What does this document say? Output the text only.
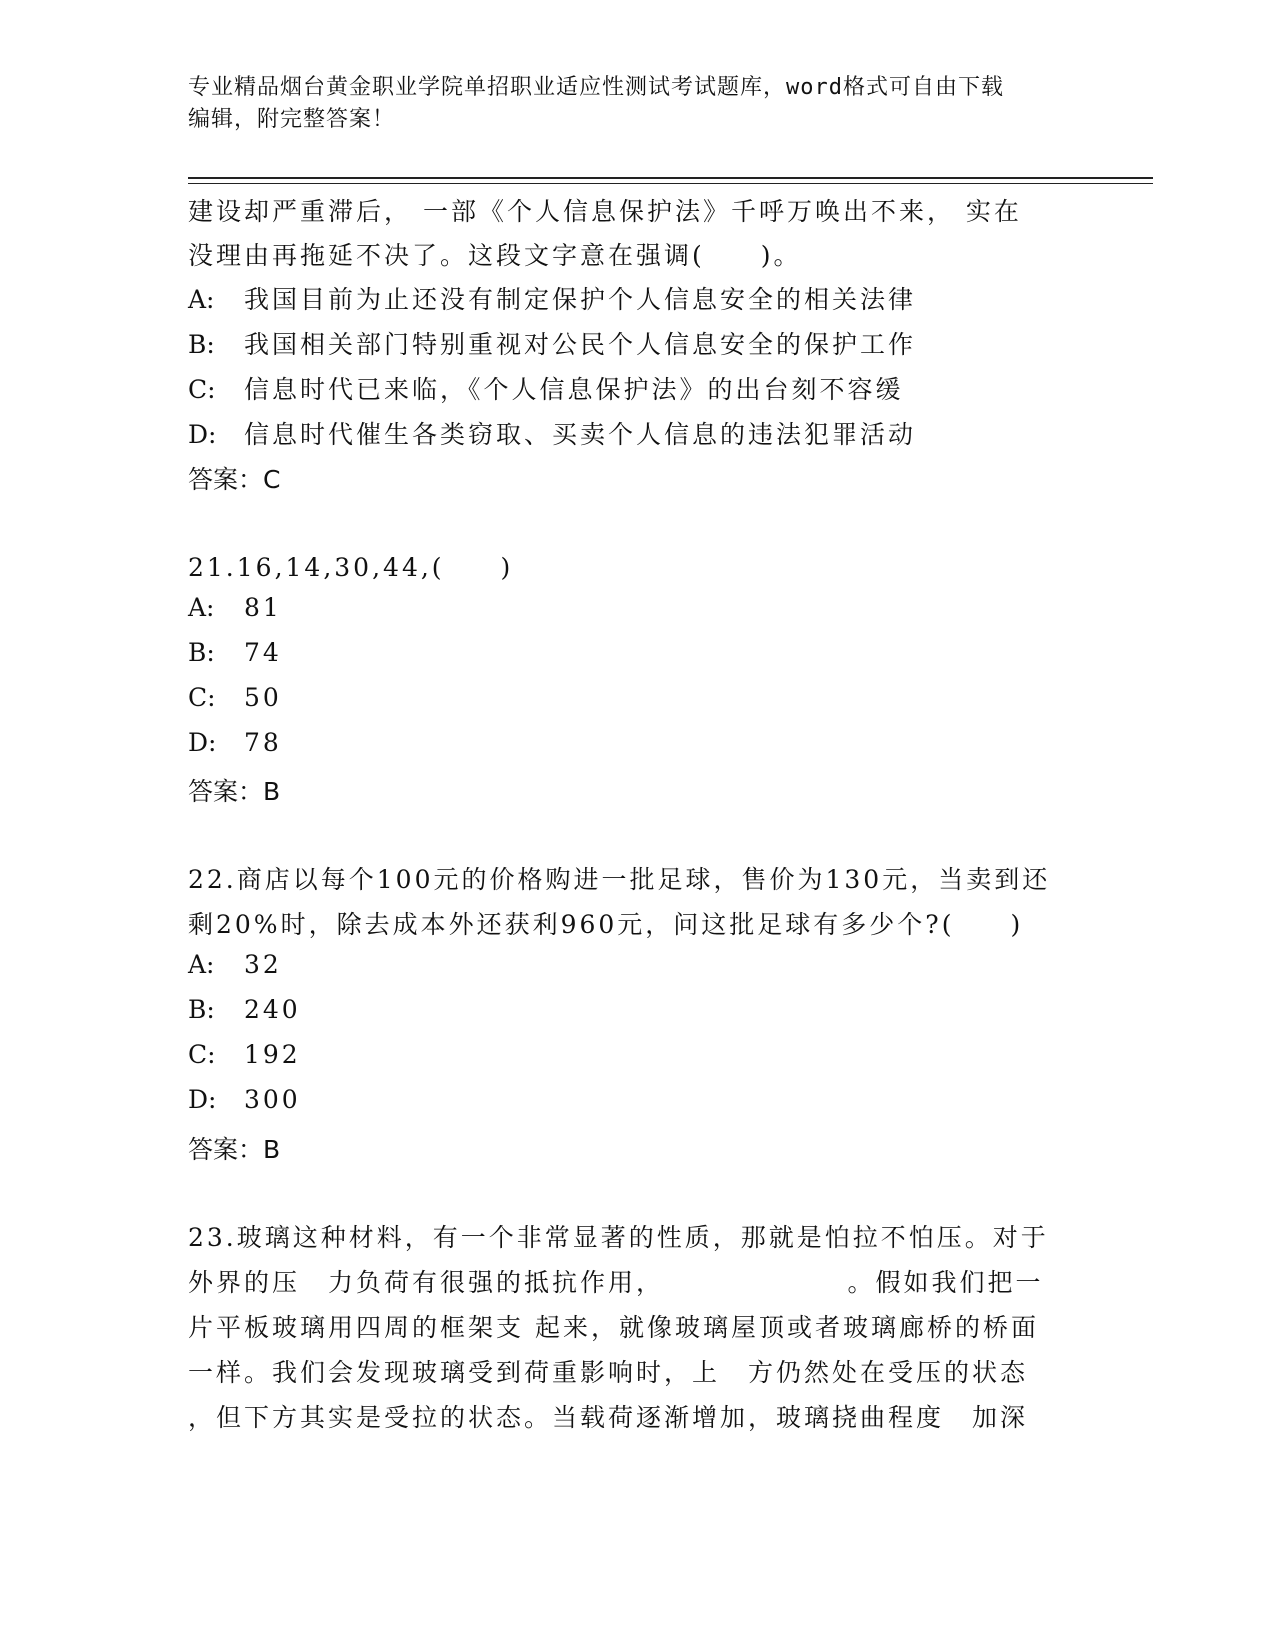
专业精品烟台黄金职业学院单招职业适应性测试考试题库，word格式可自由下载
编辑，附完整答案！
建设却严重滞后， 一部《个人信息保护法》千呼万唤出不来， 实在
没理由再拖延不决了。这段文字意在强调(　　)。
A: 我国目前为止还没有制定保护个人信息安全的相关法律
B: 我国相关部门特别重视对公民个人信息安全的保护工作
C: 信息时代已来临，《个人信息保护法》的出台刻不容缓
D: 信息时代催生各类窃取、买卖个人信息的违法犯罪活动
答案：C
21.16,14,30,44,(　　)
A: 81
B: 74
C: 50
D: 78
答案：B
22.商店以每个100元的价格购进一批足球，售价为130元，当卖到还
剩20%时，除去成本外还获利960元，问这批足球有多少个?(　　)
A: 32
B: 240
C: 192
D: 300
答案：B
23.玻璃这种材料，有一个非常显著的性质，那就是怕拉不怕压。对于
外界的压　力负荷有很强的抵抗作用，　　　　　　　。假如我们把一
片平板玻璃用四周的框架支 起来，就像玻璃屋顶或者玻璃廊桥的桥面
一样。我们会发现玻璃受到荷重影响时，上　方仍然处在受压的状态
，但下方其实是受拉的状态。当载荷逐渐增加，玻璃挠曲程度　加深
